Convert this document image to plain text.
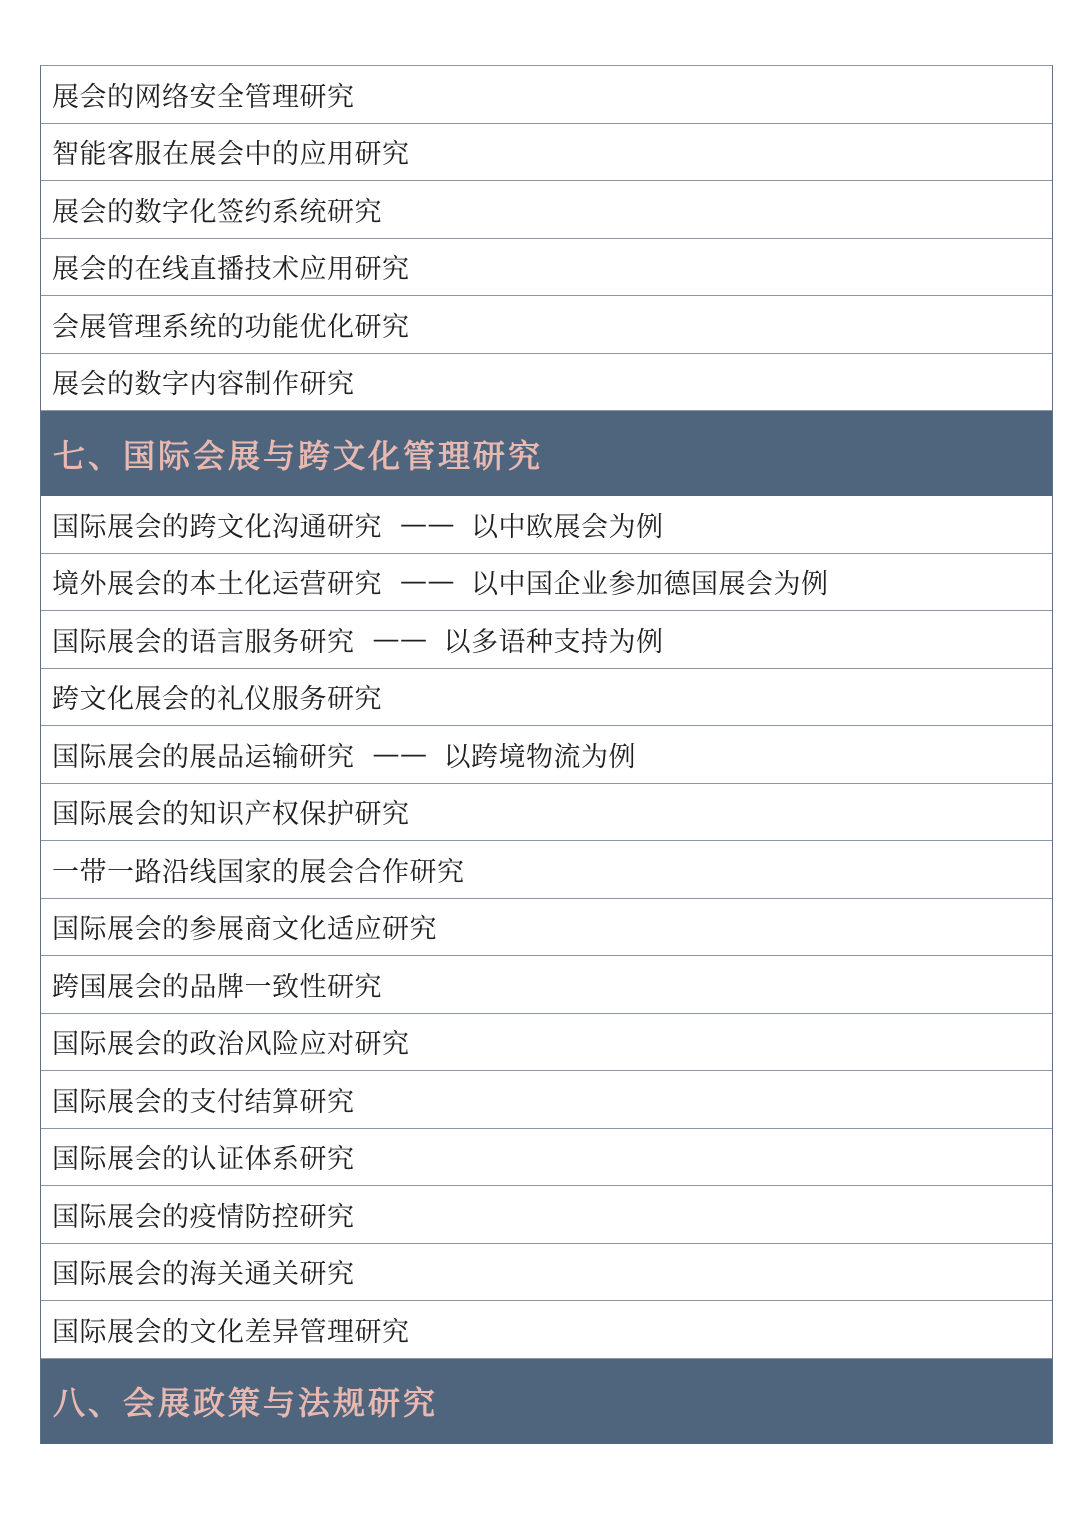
展会的网络安全管理研究
智能客服在展会中的应用研究
展会的数字化签约系统研究
展会的在线直播技术应用研究
会展管理系统的功能优化研究
展会的数字内容制作研究
七、国际会展与跨文化管理研究
国际展会的跨文化沟通研究 —— 以中欧展会为例
境外展会的本土化运营研究 —— 以中国企业参加德国展会为例
国际展会的语言服务研究 —— 以多语种支持为例
跨文化展会的礼仪服务研究
国际展会的展品运输研究 —— 以跨境物流为例
国际展会的知识产权保护研究
一带一路沿线国家的展会合作研究
国际展会的参展商文化适应研究
跨国展会的品牌一致性研究
国际展会的政治风险应对研究
国际展会的支付结算研究
国际展会的认证体系研究
国际展会的疫情防控研究
国际展会的海关通关研究
国际展会的文化差异管理研究
八、会展政策与法规研究
